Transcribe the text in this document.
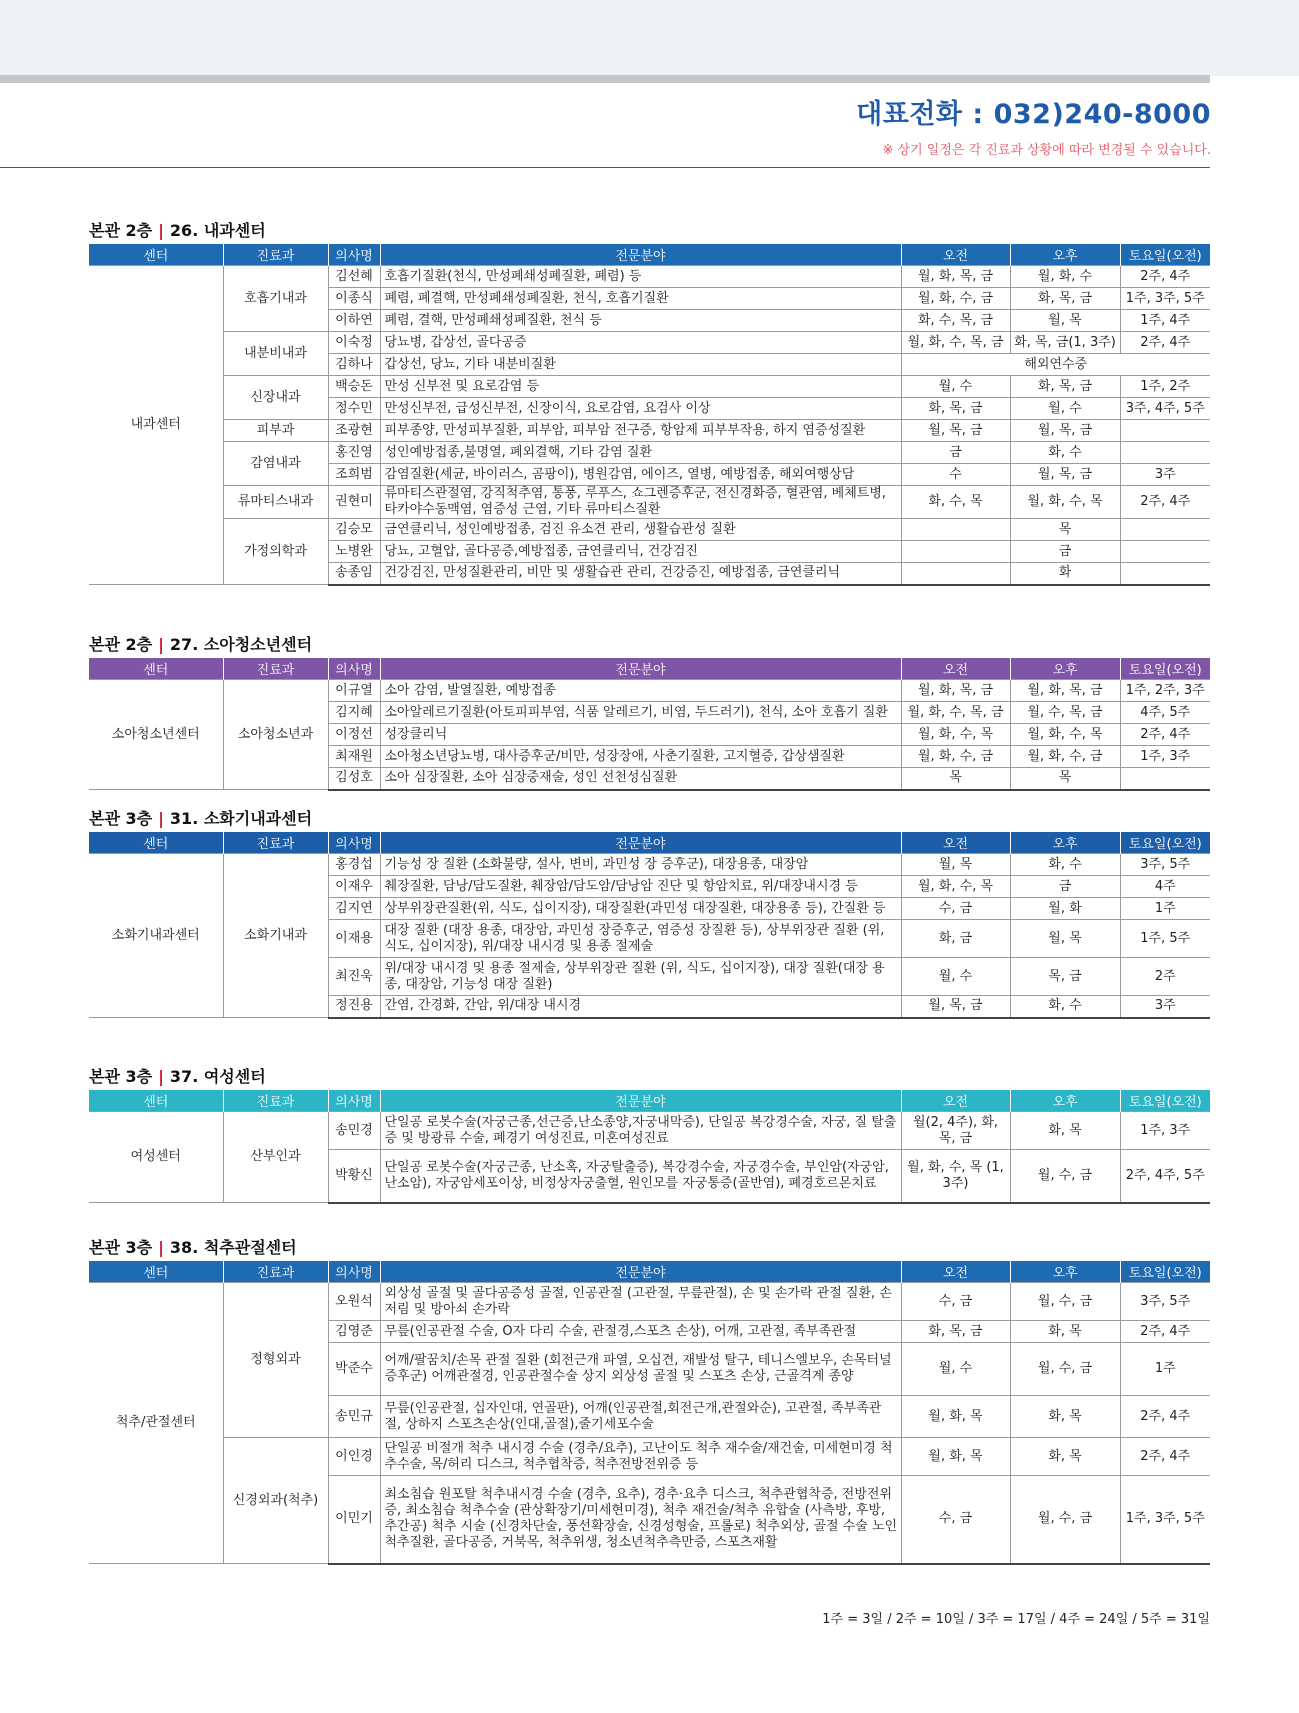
대표전화 : 032)240-8000
※ 상기 일정은 각 진료과 상황에 따라 변경될 수 있습니다.
본관 2층 | 26. 내과센터
센터	진료과	의사명	전문분야	오전	오후	토요일(오전)
내과센터	호흡기내과	김선혜	호흡기질환(천식, 만성폐쇄성폐질환, 폐렴) 등	월, 화, 목, 금	월, 화, 수	2주, 4주
		이종식	폐렴, 폐결핵, 만성폐쇄성폐질환, 천식, 호흡기질환	월, 화, 수, 금	화, 목, 금	1주, 3주, 5주
		이하연	폐렴, 결핵, 만성폐쇄성폐질환, 천식 등	화, 수, 목, 금	월, 목	1주, 4주
	내분비내과	이숙정	당뇨병, 갑상선, 골다공증	월, 화, 수, 목, 금	화, 목, 금(1, 3주)	2주, 4주
		김하나	갑상선, 당뇨, 기타 내분비질환	해외연수중		
	신장내과	백승돈	만성 신부전 및 요로감염 등	월, 수	화, 목, 금	1주, 2주
		정수민	만성신부전, 급성신부전, 신장이식, 요로감염, 요검사 이상	화, 목, 금	월, 수	3주, 4주, 5주
	피부과	조광현	피부종양, 만성피부질환, 피부암, 피부암 전구증, 항암제 피부부작용, 하지 염증성질환	월, 목, 금	월, 목, 금	
	감염내과	홍진영	성인예방접종,불명열, 폐외결핵, 기타 감염 질환	금	화, 수	
		조희범	감염질환(세균, 바이러스, 곰팡이), 병원감염, 에이즈, 열병, 예방접종, 해외여행상담	수	월, 목, 금	3주
	류마티스내과	권현미	류마티스관절염, 강직척추염, 통풍, 루푸스, 쇼그렌증후군, 전신경화증, 혈관염, 베체트병, 타카야수동맥염, 염증성 근염, 기타 류마티스질환	화, 수, 목	월, 화, 수, 목	2주, 4주
	가정의학과	김승모	금연클리닉, 성인예방접종, 검진 유소견 관리, 생활습관성 질환		목	
		노병완	당뇨, 고혈압, 골다공증,예방접종, 금연클리닉, 건강검진		금	
		송종임	건강검진, 만성질환관리, 비만 및 생활습관 관리, 건강증진, 예방접종, 금연클리닉		화	
본관 2층 | 27. 소아청소년센터
센터	진료과	의사명	전문분야	오전	오후	토요일(오전)
소아청소년센터	소아청소년과	이규열	소아 감염, 발열질환, 예방접종	월, 화, 목, 금	월, 화, 목, 금	1주, 2주, 3주
		김지혜	소아알레르기질환(아토피피부염, 식품 알레르기, 비염, 두드러기), 천식, 소아 호흡기 질환	월, 화, 수, 목, 금	월, 수, 목, 금	4주, 5주
		이정선	성장클리닉	월, 화, 수, 목	월, 화, 수, 목	2주, 4주
		최재원	소아청소년당뇨병, 대사증후군/비만, 성장장애, 사춘기질환, 고지혈증, 갑상샘질환	월, 화, 수, 금	월, 화, 수, 금	1주, 3주
		김성호	소아 심장질환, 소아 심장중재술, 성인 선천성심질환	목	목	
본관 3층 | 31. 소화기내과센터
센터	진료과	의사명	전문분야	오전	오후	토요일(오전)
소화기내과센터	소화기내과	홍경섭	기능성 장 질환 (소화불량, 설사, 변비, 과민성 장 증후군), 대장용종, 대장암	월, 목	화, 수	3주, 5주
		이재우	췌장질환, 담낭/담도질환, 췌장암/담도암/담낭암 진단 및 항암치료, 위/대장내시경 등	월, 화, 수, 목	금	4주
		김지연	상부위장관질환(위, 식도, 십이지장), 대장질환(과민성 대장질환, 대장용종 등), 간질환 등	수, 금	월, 화	1주
		이재용	대장 질환 (대장 용종, 대장암, 과민성 장증후군, 염증성 장질환 등), 상부위장관 질환 (위, 식도, 십이지장), 위/대장 내시경 및 용종 절제술	화, 금	월, 목	1주, 5주
		최진욱	위/대장 내시경 및 용종 절제술, 상부위장관 질환 (위, 식도, 십이지장), 대장 질환(대장 용종, 대장암, 기능성 대장 질환)	월, 수	목, 금	2주
		정진용	간염, 간경화, 간암, 위/대장 내시경	월, 목, 금	화, 수	3주
본관 3층 | 37. 여성센터
센터	진료과	의사명	전문분야	오전	오후	토요일(오전)
여성센터	산부인과	송민경	단일공 로봇수술(자궁근종,선근증,난소종양,자궁내막증), 단일공 복강경수술, 자궁, 질 탈출증 및 방광류 수술, 폐경기 여성진료, 미혼여성진료	월(2, 4주), 화, 목, 금	화, 목	1주, 3주
		박황신	단일공 로봇수술(자궁근종, 난소혹, 자궁탈출증), 복강경수술, 자궁경수술, 부인암(자궁암, 난소암), 자궁암세포이상, 비정상자궁출혈, 원인모를 자궁통증(골반염), 폐경호르몬치료	월, 화, 수, 목 (1, 3주)	월, 수, 금	2주, 4주, 5주
본관 3층 | 38. 척추관절센터
센터	진료과	의사명	전문분야	오전	오후	토요일(오전)
척추/관절센터	정형외과	오원석	외상성 골절 및 골다공증성 골절, 인공관절 (고관절, 무릎관절), 손 및 손가락 관절 질환, 손저림 및 방아쇠 손가락	수, 금	월, 수, 금	3주, 5주
		김영준	무릎(인공관절 수술, O자 다리 수술, 관절경,스포츠 손상), 어깨, 고관절, 족부족관절	화, 목, 금	화, 목	2주, 4주
		박준수	어깨/팔꿈치/손목 관절 질환 (회전근개 파열, 오십견, 재발성 탈구, 테니스엘보우, 손목터널증후군) 어깨관절경, 인공관절수술 상지 외상성 골절 및 스포츠 손상, 근골격계 종양	월, 수	월, 수, 금	1주
		송민규	무릎(인공관절, 십자인대, 연골판), 어깨(인공관절,회전근개,관절와순), 고관절, 족부족관절, 상하지 스포츠손상(인대,골절),줄기세포수술	월, 화, 목	화, 목	2주, 4주
	신경외과(척추)	이인경	단일공 비절개 척추 내시경 수술 (경추/요추), 고난이도 척추 재수술/재건술, 미세현미경 척추수술, 목/허리 디스크, 척추협착증, 척추전방전위증 등	월, 화, 목	화, 목	2주, 4주
		이민기	최소침습 원포탈 척추내시경 수술 (경추, 요추), 경추·요추 디스크, 척추관협착증, 전방전위증, 최소침습 척추수술 (관상확장기/미세현미경), 척추 재건술/척추 유합술 (사측방, 후방, 추간공) 척추 시술 (신경차단술, 풍선확장술, 신경성형술, 프롤로) 척추외상, 골절 수술 노인척추질환, 골다공증, 거북목, 척추위생, 청소년척추측만증, 스포츠재활	수, 금	월, 수, 금	1주, 3주, 5주
1주 = 3일 / 2주 = 10일 / 3주 = 17일 / 4주 = 24일 / 5주 = 31일
